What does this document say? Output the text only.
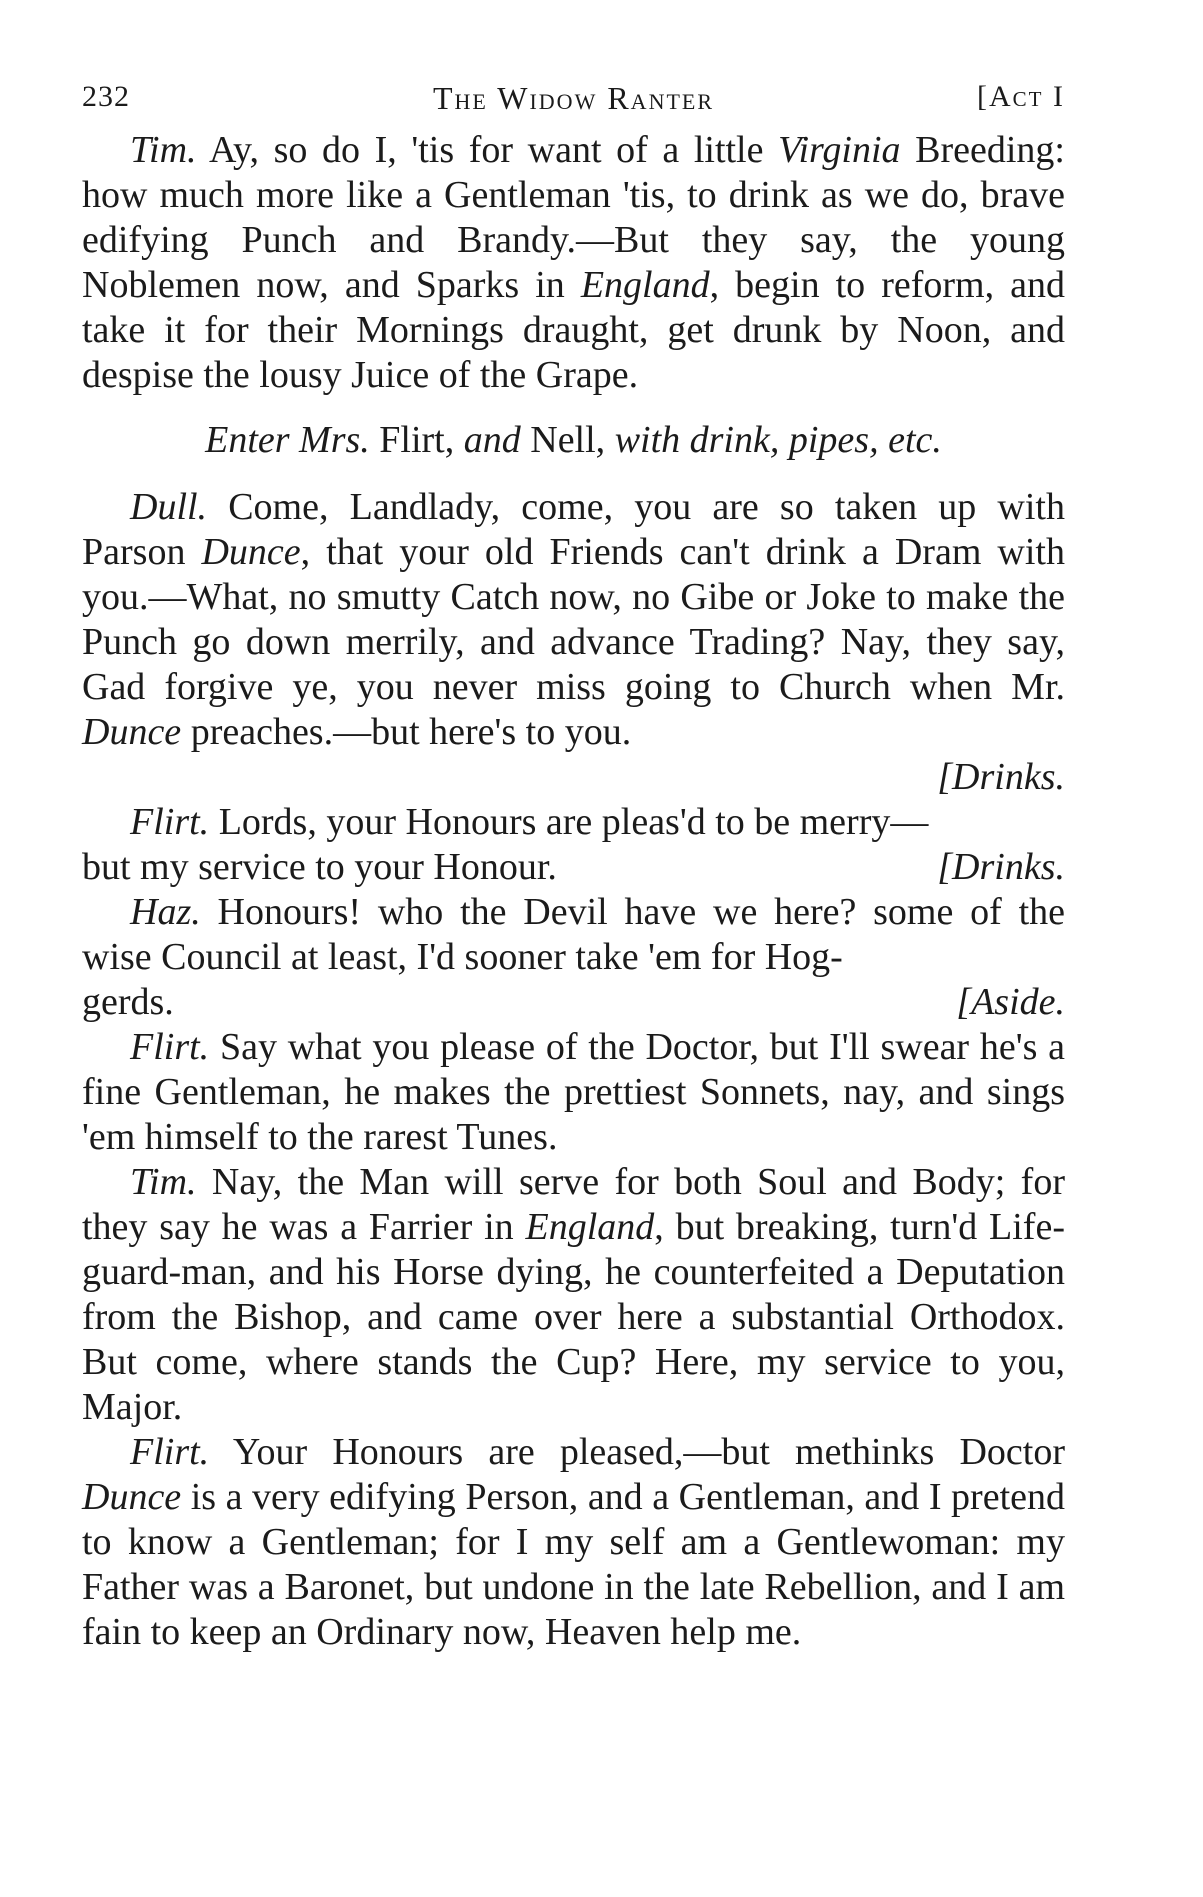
232	The Widow Ranter	[Act I

Tim. Ay, so do I, 'tis for want of a little Virginia Breeding: how much more like a Gentleman 'tis, to drink as we do, brave edifying Punch and Brandy.—But they say, the young Noblemen now, and Sparks in England, begin to reform, and take it for their Mornings draught, get drunk by Noon, and despise the lousy Juice of the Grape.

Enter Mrs. Flirt, and Nell, with drink, pipes, etc.

Dull. Come, Landlady, come, you are so taken up with Parson Dunce, that your old Friends can't drink a Dram with you.—What, no smutty Catch now, no Gibe or Joke to make the Punch go down merrily, and advance Trading? Nay, they say, Gad forgive ye, you never miss going to Church when Mr. Dunce preaches.—but here's to you.

[Drinks.

Flirt. Lords, your Honours are pleas'd to be merry—

but my service to your Honour.	[Drinks.

Haz. Honours! who the Devil have we here? some of the wise Council at least, I'd sooner take 'em for Hog-

gerds.	[Aside.

Flirt. Say what you please of the Doctor, but I'll swear he's a fine Gentleman, he makes the prettiest Sonnets, nay, and sings 'em himself to the rarest Tunes.

Tim. Nay, the Man will serve for both Soul and Body; for they say he was a Farrier in England, but breaking, turn'd Life-guard-man, and his Horse dying, he counterfeited a Deputation from the Bishop, and came over here a substantial Orthodox. But come, where stands the Cup? Here, my service to you, Major.

Flirt. Your Honours are pleased,—but methinks Doctor Dunce is a very edifying Person, and a Gentleman, and I pretend to know a Gentleman; for I my self am a Gentlewoman: my Father was a Baronet, but undone in the late Rebellion, and I am fain to keep an Ordinary now, Heaven help me.
